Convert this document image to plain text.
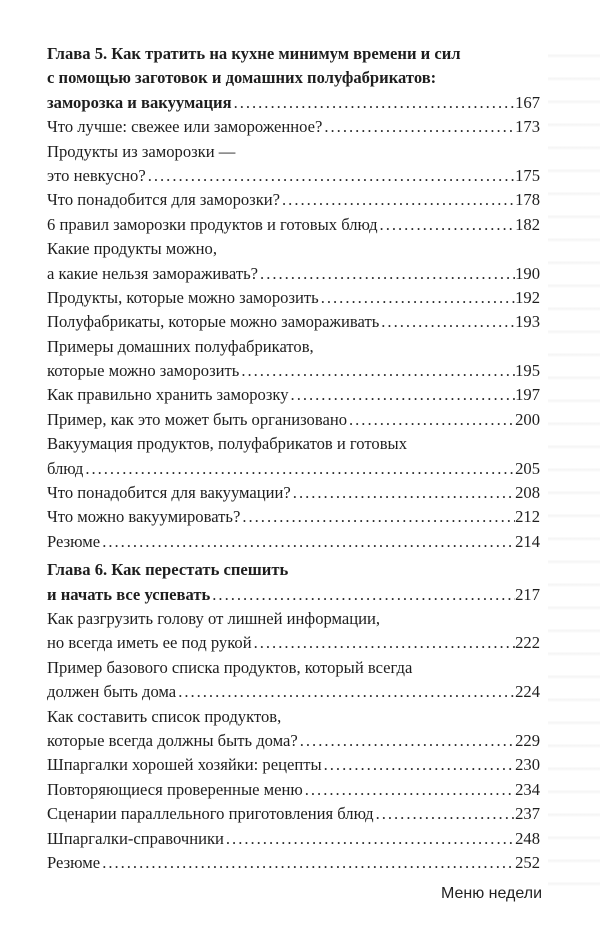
Глава 5. Как тратить на кухне минимум времени и сил
с помощью заготовок и домашних полуфабрикатов:
заморозка и вакуумация .....	167
Что лучше: свежее или замороженное? .....	173
Продукты из заморозки —
это невкусно? .....	175
Что понадобится для заморозки? .....	178
6 правил заморозки продуктов и готовых блюд .....	182
Какие продукты можно,
а какие нельзя замораживать? .....	190
Продукты, которые можно заморозить .....	192
Полуфабрикаты, которые можно замораживать .....	193
Примеры домашних полуфабрикатов,
которые можно заморозить .....	195
Как правильно хранить заморозку .....	197
Пример, как это может быть организовано .....	200
Вакуумация продуктов, полуфабрикатов и готовых
блюд .....	205
Что понадобится для вакуумации? .....	208
Что можно вакуумировать? .....	212
Резюме .....	214
Глава 6. Как перестать спешить
и начать все успевать .....	217
Как разгрузить голову от лишней информации,
но всегда иметь ее под рукой .....	222
Пример базового списка продуктов, который всегда
должен быть дома .....	224
Как составить список продуктов,
которые всегда должны быть дома? .....	229
Шпаргалки хорошей хозяйки: рецепты .....	230
Повторяющиеся проверенные меню .....	234
Сценарии параллельного приготовления блюд .....	237
Шпаргалки-справочники .....	248
Резюме .....	252
Меню недели
